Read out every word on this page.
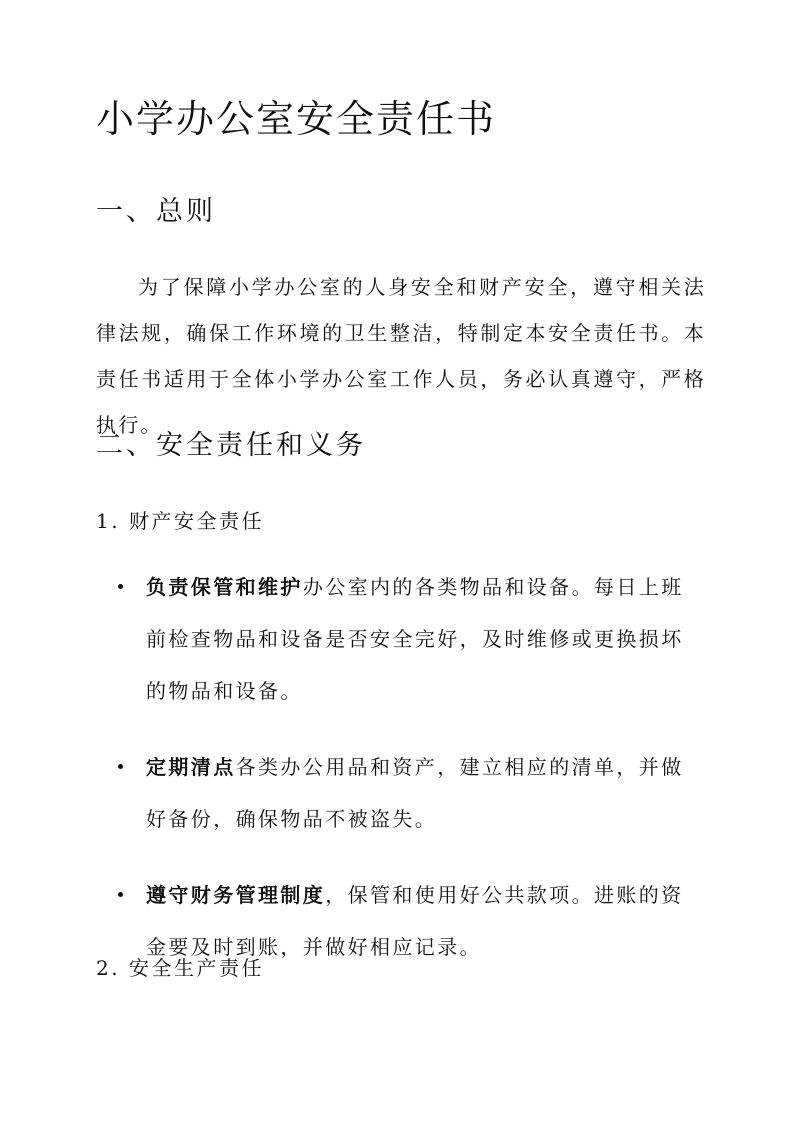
小学办公室安全责任书
一、总则

为了保障小学办公室的人身安全和财产安全，遵守相关法律法规，确保工作环境的卫生整洁，特制定本安全责任书。本责任书适用于全体小学办公室工作人员，务必认真遵守，严格执行。

二、安全责任和义务
1. 财产安全责任
负责保管和维护办公室内的各类物品和设备。每日上班前检查物品和设备是否安全完好，及时维修或更换损坏的物品和设备。
定期清点各类办公用品和资产，建立相应的清单，并做好备份，确保物品不被盗失。
遵守财务管理制度，保管和使用好公共款项。进账的资金要及时到账，并做好相应记录。
2. 安全生产责任
